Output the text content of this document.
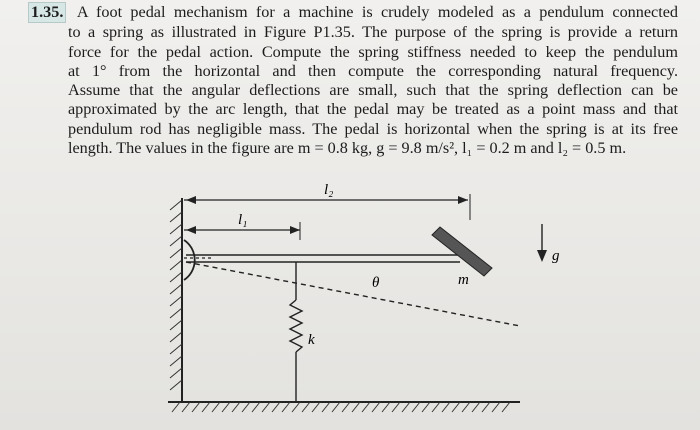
1.35. A foot pedal mechanism for a machine is crudely modeled as a pendulum connected
to a spring as illustrated in Figure P1.35. The purpose of the spring is provide a return
force for the pedal action. Compute the spring stiffness needed to keep the pendulum
at 1° from the horizontal and then compute the corresponding natural frequency.
Assume that the angular deflections are small, such that the spring deflection can be
approximated by the arc length, that the pedal may be treated as a point mass and that
pendulum rod has negligible mass. The pedal is horizontal when the spring is at its free
length. The values in the figure are m = 0.8 kg, g = 9.8 m/s², l₁ = 0.2 m and l₂ = 0.5 m.
l₂
l₁
k
θ	m
g
